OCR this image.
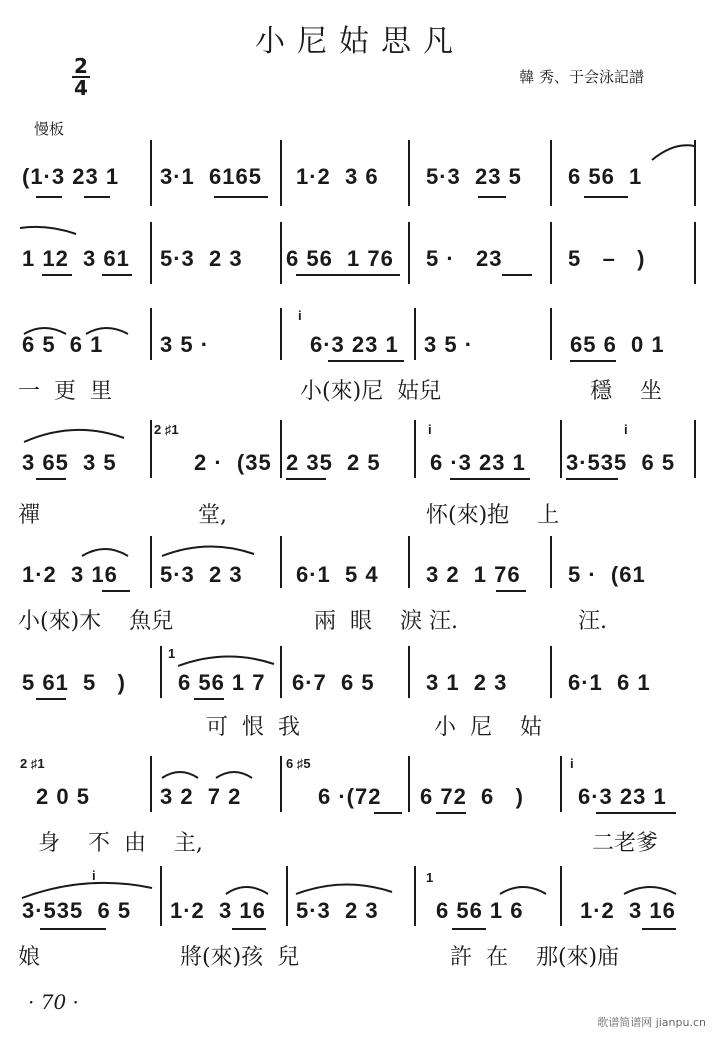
小尼姑思凡
2
4	韓 秀、于会泳記譜
慢板
(1·3 23 1 3·1  6165 1·2  3 6 5·3  23 5 6 56  1
1 12  3 61 5·3  2 3 6 56  1 76 5 ·   23	5   –   )
6 5  6 1	3 5 ·
i
6·3 23 1 3 5 ·	65 6  0 1
一  更  里	小(來)尼  姑兒	穩    坐
3 65  3 5
2 ♯1
2 ·  (35 2 35  2 5
i
6 ·3 23 1
i
3·535  6 5
禪	堂,	怀(來)抱    上
1·2  3 16 5·3  2 3 6·1  5 4 3 2  1 76 5 ·  (61
小(來)木    魚兒	兩  眼    淚 汪.	汪.
5 61  5   )
1
6 56 1 7 6·7  6 5 3 1  2 3	6·1  6 1
可  恨  我	小  尼    姑
2 ♯1
2 0 5	3 2  7 2
6 ♯5
6 ·(72 6 72  6   )
i
6·3 23 1
身    不  由    主,	二老爹
i
3·535  6 5 1·2  3 16 5·3  2 3
1
6 56 1 6	1·2  3 16
娘	將(來)孩  兒	許  在    那(來)庙
· 70 ·
歌谱简谱网 jianpu.cn
